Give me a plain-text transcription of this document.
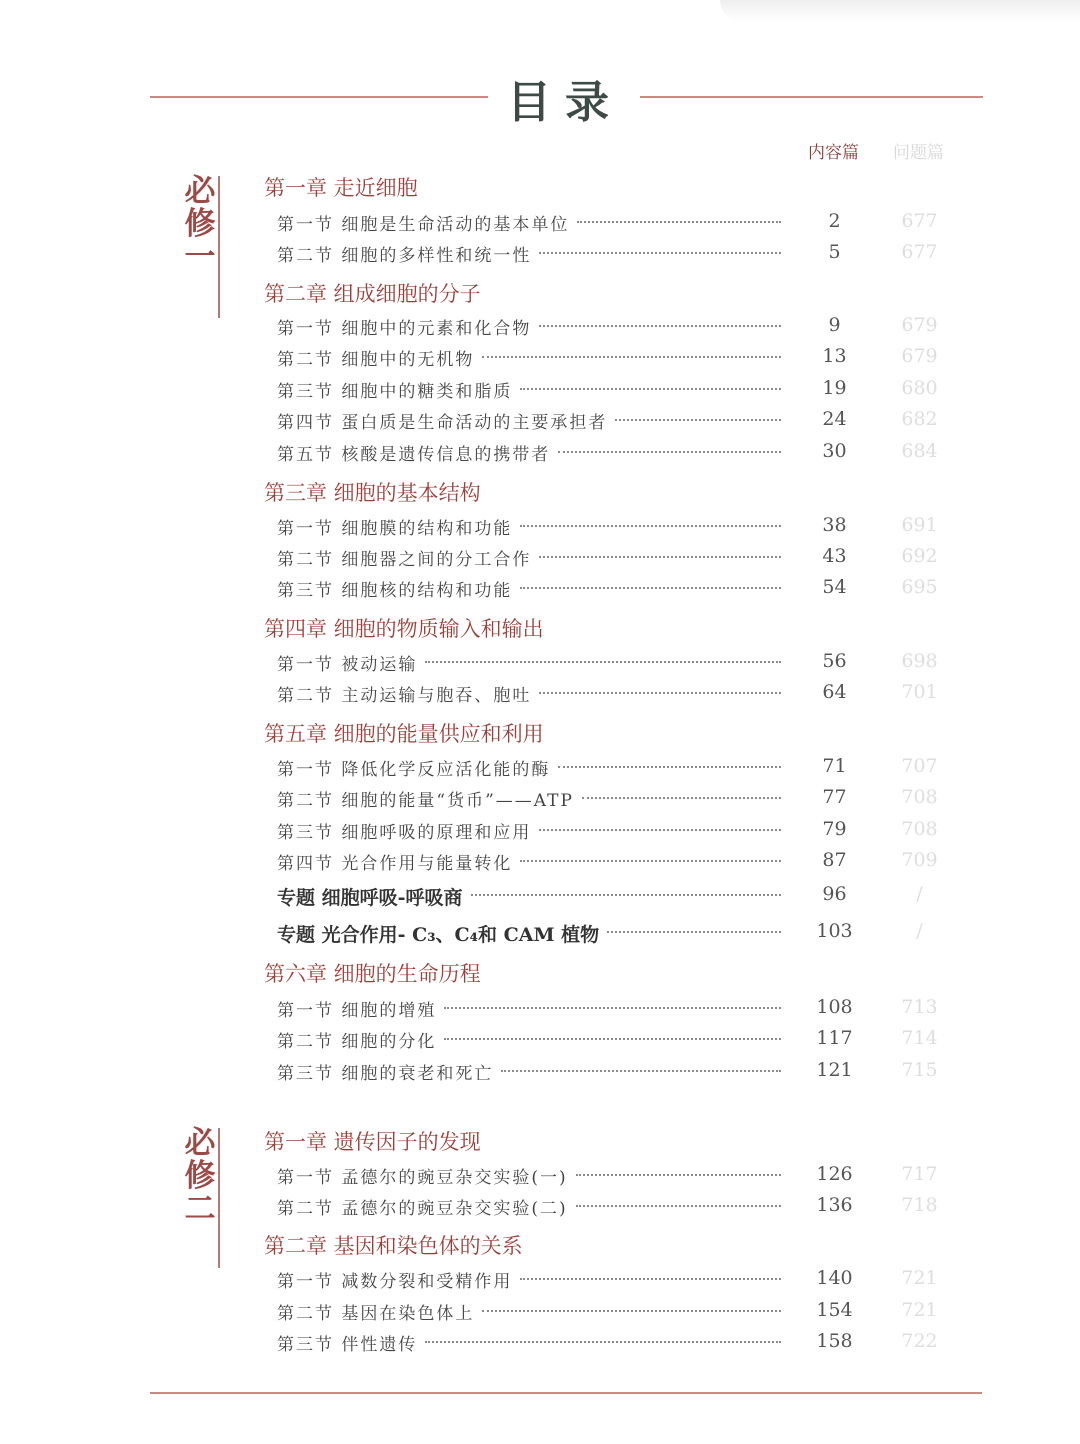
目录
内容篇 问题篇
必
修
一
第一章 走近细胞
第一节 细胞是生命活动的基本单位	2	677
第二节 细胞的多样性和统一性	5	677
第二章 组成细胞的分子
第一节 细胞中的元素和化合物	9	679
第二节 细胞中的无机物	13	679
第三节 细胞中的糖类和脂质	19	680
第四节 蛋白质是生命活动的主要承担者	24	682
第五节 核酸是遗传信息的携带者	30	684
第三章 细胞的基本结构
第一节 细胞膜的结构和功能	38	691
第二节 细胞器之间的分工合作	43	692
第三节 细胞核的结构和功能	54	695
第四章 细胞的物质输入和输出
第一节 被动运输	56	698
第二节 主动运输与胞吞、胞吐	64	701
第五章 细胞的能量供应和利用
第一节 降低化学反应活化能的酶	71	707
第二节 细胞的能量“货币”——ATP	77	708
第三节 细胞呼吸的原理和应用	79	708
第四节 光合作用与能量转化	87	709
专题 细胞呼吸-呼吸商	96	/
专题 光合作用- C₃、C₄和 CAM 植物	103	/
第六章 细胞的生命历程
第一节 细胞的增殖	108	713
第二节 细胞的分化	117	714
第三节 细胞的衰老和死亡	121	715
必
修
二
第一章 遗传因子的发现
第一节 孟德尔的豌豆杂交实验(一)	126	717
第二节 孟德尔的豌豆杂交实验(二)	136	718
第二章 基因和染色体的关系
第一节 减数分裂和受精作用	140	721
第二节 基因在染色体上	154	721
第三节 伴性遗传	158	722
